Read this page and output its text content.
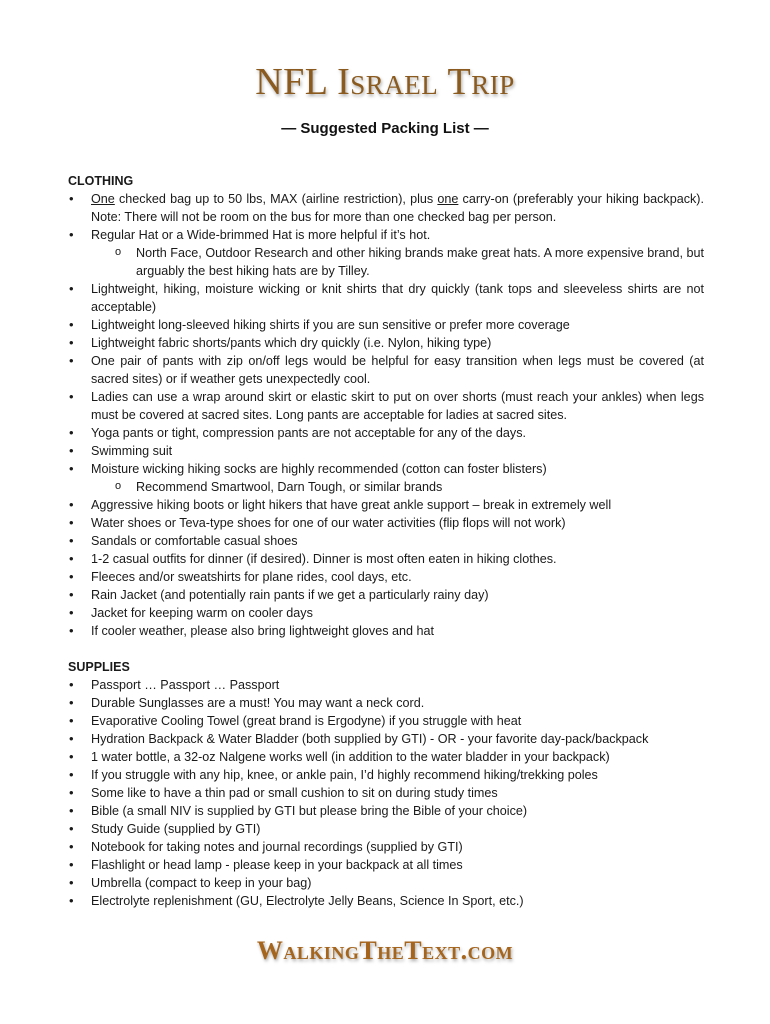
NFL Israel Trip
— Suggested Packing List —

CLOTHING

• One checked bag up to 50 lbs, MAX (airline restriction), plus one carry-on (preferably your hiking backpack). Note: There will not be room on the bus for more than one checked bag per person.
• Regular Hat or a Wide-brimmed Hat is more helpful if it’s hot.
o North Face, Outdoor Research and other hiking brands make great hats. A more expensive brand, but arguably the best hiking hats are by Tilley.
• Lightweight, hiking, moisture wicking or knit shirts that dry quickly (tank tops and sleeveless shirts are not acceptable)
• Lightweight long-sleeved hiking shirts if you are sun sensitive or prefer more coverage
• Lightweight fabric shorts/pants which dry quickly (i.e. Nylon, hiking type)
• One pair of pants with zip on/off legs would be helpful for easy transition when legs must be covered (at sacred sites) or if weather gets unexpectedly cool.
• Ladies can use a wrap around skirt or elastic skirt to put on over shorts (must reach your ankles) when legs must be covered at sacred sites. Long pants are acceptable for ladies at sacred sites.
• Yoga pants or tight, compression pants are not acceptable for any of the days.
• Swimming suit
• Moisture wicking hiking socks are highly recommended (cotton can foster blisters)
o Recommend Smartwool, Darn Tough, or similar brands
• Aggressive hiking boots or light hikers that have great ankle support – break in extremely well
• Water shoes or Teva-type shoes for one of our water activities (flip flops will not work)
• Sandals or comfortable casual shoes
• 1-2 casual outfits for dinner (if desired). Dinner is most often eaten in hiking clothes.
• Fleeces and/or sweatshirts for plane rides, cool days, etc.
• Rain Jacket (and potentially rain pants if we get a particularly rainy day)
• Jacket for keeping warm on cooler days
• If cooler weather, please also bring lightweight gloves and hat

SUPPLIES

• Passport … Passport … Passport
• Durable Sunglasses are a must! You may want a neck cord.
• Evaporative Cooling Towel (great brand is Ergodyne) if you struggle with heat
• Hydration Backpack & Water Bladder (both supplied by GTI) - OR - your favorite day-pack/backpack
• 1 water bottle, a 32-oz Nalgene works well (in addition to the water bladder in your backpack)
• If you struggle with any hip, knee, or ankle pain, I’d highly recommend hiking/trekking poles
• Some like to have a thin pad or small cushion to sit on during study times
• Bible (a small NIV is supplied by GTI but please bring the Bible of your choice)
• Study Guide (supplied by GTI)
• Notebook for taking notes and journal recordings (supplied by GTI)
• Flashlight or head lamp - please keep in your backpack at all times
• Umbrella (compact to keep in your bag)
• Electrolyte replenishment (GU, Electrolyte Jelly Beans, Science In Sport, etc.)
WalkingTheText.com
